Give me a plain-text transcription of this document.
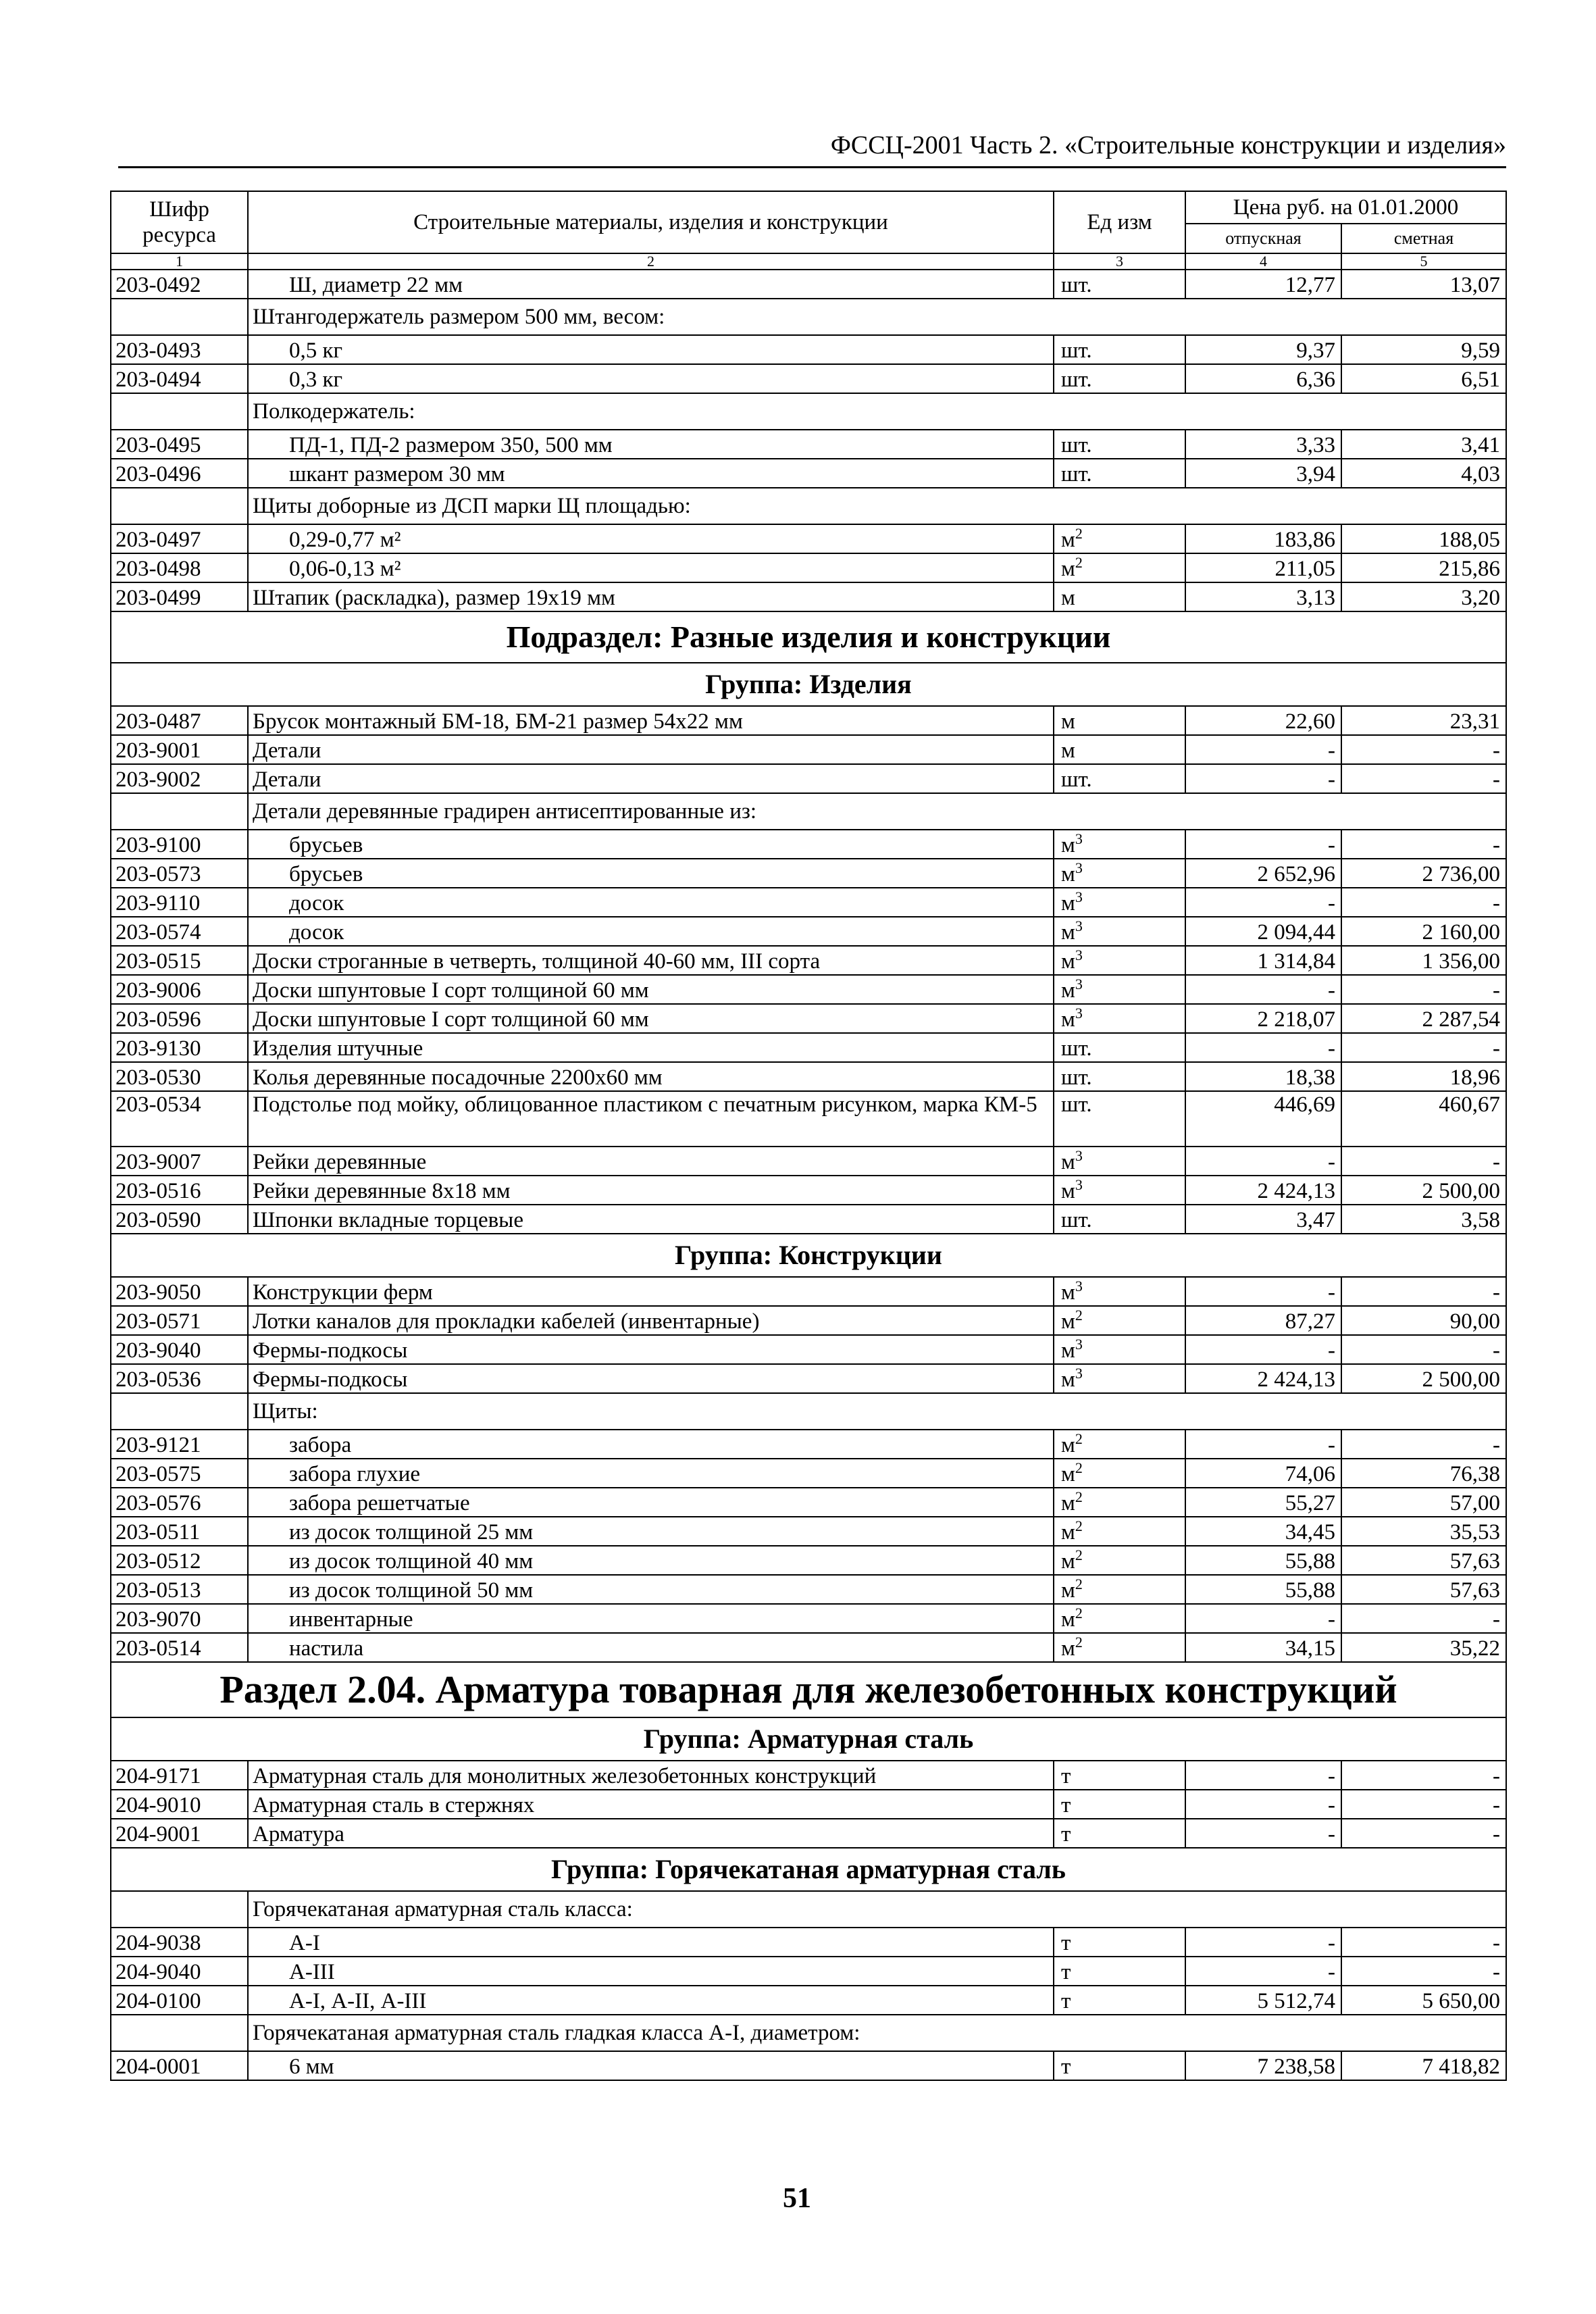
ФССЦ-2001 Часть 2. «Строительные конструкции и изделия»
Шифр ресурса	Строительные материалы, изделия и конструкции	Ед изм	Цена руб. на 01.01.2000	
			отпускная	сметная
1	2	3	4	5
203-0492	Ш, диаметр 22 мм	шт.	12,77	13,07
	Штангодержатель размером 500 мм, весом:			
203-0493	0,5 кг	шт.	9,37	9,59
203-0494	0,3 кг	шт.	6,36	6,51
	Полкодержатель:			
203-0495	ПД-1, ПД-2 размером 350, 500 мм	шт.	3,33	3,41
203-0496	шкант размером 30 мм	шт.	3,94	4,03
	Щиты доборные из ДСП марки Щ площадью:			
203-0497	0,29-0,77 м²	$м^2$	183,86	188,05
203-0498	0,06-0,13 м²	$м^2$	211,05	215,86
203-0499	Штапик (раскладка), размер 19x19 мм	м	3,13	3,20
Подраздел: Разные изделия и конструкции				
Группа: Изделия				
203-0487	Брусок монтажный БМ-18, БМ-21 размер 54x22 мм	м	22,60	23,31
203-9001	Детали	м	-	-
203-9002	Детали	шт.	-	-
	Детали деревянные градирен антисептированные из:			
203-9100	брусьев	$м^3$	-	-
203-0573	брусьев	$м^3$	2 652,96	2 736,00
203-9110	досок	$м^3$	-	-
203-0574	досок	$м^3$	2 094,44	2 160,00
203-0515	Доски строганные в четверть, толщиной 40-60 мм, III сорта	$м^3$	1 314,84	1 356,00
203-9006	Доски шпунтовые I сорт толщиной 60 мм	$м^3$	-	-
203-0596	Доски шпунтовые I сорт толщиной 60 мм	$м^3$	2 218,07	2 287,54
203-9130	Изделия штучные	шт.	-	-
203-0530	Колья деревянные посадочные 2200x60 мм	шт.	18,38	18,96
203-0534	Подстолье под мойку, облицованное пластиком с печатным рисунком, марка КМ-5	шт.	446,69	460,67
203-9007	Рейки деревянные	$м^3$	-	-
203-0516	Рейки деревянные 8x18 мм	$м^3$	2 424,13	2 500,00
203-0590	Шпонки вкладные торцевые	шт.	3,47	3,58
Группа: Конструкции				
203-9050	Конструкции ферм	$м^3$	-	-
203-0571	Лотки каналов для прокладки кабелей (инвентарные)	$м^2$	87,27	90,00
203-9040	Фермы-подкосы	$м^3$	-	-
203-0536	Фермы-подкосы	$м^3$	2 424,13	2 500,00
	Щиты:			
203-9121	забора	$м^2$	-	-
203-0575	забора глухие	$м^2$	74,06	76,38
203-0576	забора решетчатые	$м^2$	55,27	57,00
203-0511	из досок толщиной 25 мм	$м^2$	34,45	35,53
203-0512	из досок толщиной 40 мм	$м^2$	55,88	57,63
203-0513	из досок толщиной 50 мм	$м^2$	55,88	57,63
203-9070	инвентарные	$м^2$	-	-
203-0514	настила	$м^2$	34,15	35,22
Раздел 2.04. Арматура товарная для железобетонных конструкций				
Группа: Арматурная сталь				
204-9171	Арматурная сталь для монолитных железобетонных конструкций	т	-	-
204-9010	Арматурная сталь в стержнях	т	-	-
204-9001	Арматура	т	-	-
Группа: Горячекатаная арматурная сталь				
	Горячекатаная арматурная сталь класса:			
204-9038	А-I	т	-	-
204-9040	А-III	т	-	-
204-0100	А-I, А-II, А-III	т	5 512,74	5 650,00
	Горячекатаная арматурная сталь гладкая класса А-I, диаметром:			
204-0001	6 мм	т	7 238,58	7 418,82
51
